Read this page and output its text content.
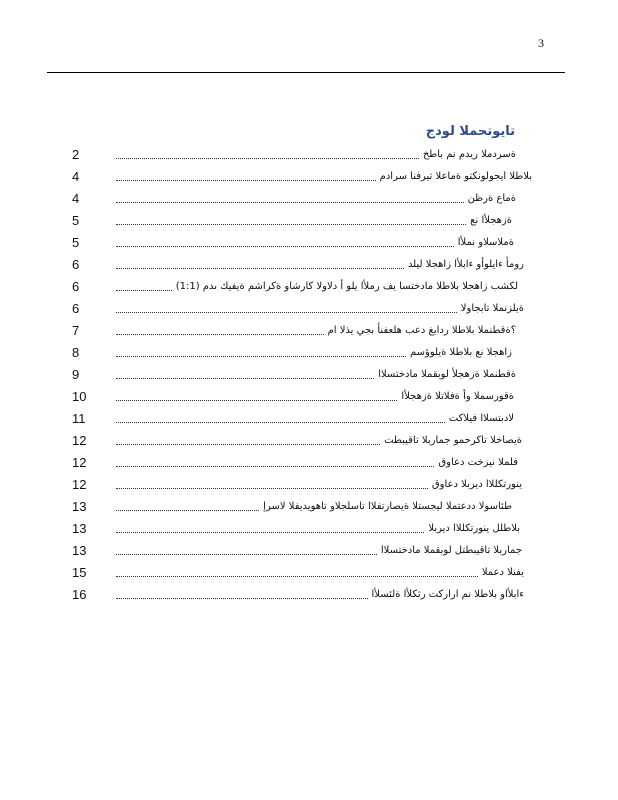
3
تايوتحملا لودج
2	ةسردملا ريدم نم باطخ
4	بلاطلا ايجولونكتو ةماعلا تيرفنا سرادم
4	ةماع ةرظن
5	ةزهجلأا نع
5	ةملاسلاو نملأا
6	رومأ ءايلوأو ءابلأا زاهجلا ليلد
6	لكشب زاهجلا بلاطلا مادختسا يف رملأا يلو أ دلاولا كارشاو ةكراشم ةيفيك ىدم (1:1)
6	ةيلزنملا تابجاولا
7	؟ةقطنملا بلاطلا ردابغ دعب هلعفنأ بجي يذلا ام
8	زاهجلا نع بلاطلا ةيلوؤسم
9	ةقطنملا ةزهجلأ لوبقملا مادختسلاا
10	ةقورسملا وأ ةفلاتلا ةزهجلأا
11	لادبتسلاا فيلاكت
12	ةيصاخلا تاكرحمو جماربلا تاقيبطت
12	فلملا نيزخت دعاوق
12	ينورتكللاا ديربلا دعاوق
13	طئاسولا ددعتملا ليجستلا ةيصارتفلاا تاسلجلاو تاهويديفلا لاسرإ
13	بلاطلل ينورتكللاا ديربلا
13	جماربلا تاقيبطتل لوبقملا مادختسلاا
15	يفنلا دعملا
16	ءابلأاو بلاطلا نم اراركت رثكلأا ةلئسلأا
